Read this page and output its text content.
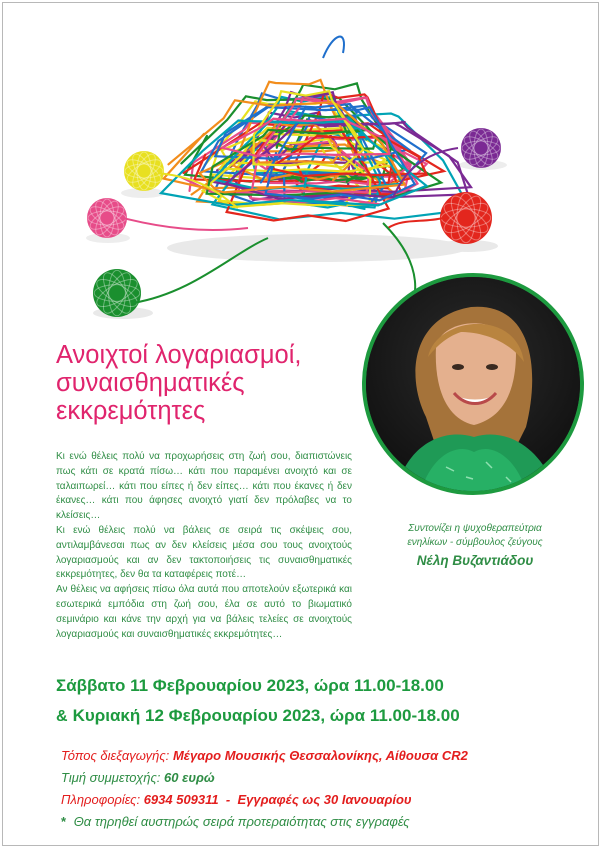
Ανοιχτοί λογαριασμοί,
συναισθηματικές
εκκρεμότητες

Κι ενώ θέλεις πολύ να προχωρήσεις στη ζωή σου, διαπιστώνεις πως κάτι σε κρατά πίσω… κάτι που παραμένει ανοιχτό και σε ταλαιπωρεί… κάτι που είπες ή δεν είπες… κάτι που έκανες ή δεν έκανες… κάτι που άφησες ανοιχτό γιατί δεν πρόλαβες να το κλείσεις…

Κι ενώ θέλεις πολύ να βάλεις σε σειρά τις σκέψεις σου, αντιλαμβάνεσαι πως αν δεν κλείσεις μέσα σου τους ανοιχτούς λογαριασμούς και αν δεν τακτοποιήσεις τις συναισθηματικές εκκρεμότητες, δεν θα τα καταφέρεις ποτέ…

Αν θέλεις να αφήσεις πίσω όλα αυτά που αποτελούν εξωτερικά και εσωτερικά εμπόδια στη ζωή σου, έλα σε αυτό το βιωματικό σεμινάριο και κάνε την αρχή για να βάλεις τελείες σε ανοιχτούς λογαριασμούς και συναισθηματικές εκκρεμότητες…

Συντονίζει η ψυχοθεραπεύτρια
ενηλίκων - σύμβουλος ζεύγους
Νέλη Βυζαντιάδου
Σάββατο 11 Φεβρουαρίου 2023, ώρα 11.00-18.00
& Κυριακή 12 Φεβρουαρίου 2023, ώρα 11.00-18.00
Τόπος διεξαγωγής: Μέγαρο Μουσικής Θεσσαλονίκης, Αίθουσα CR2
Τιμή συμμετοχής: 60 ευρώ
Πληροφορίες: 6934 509311 - Εγγραφές ως 30 Ιανουαρίου
* Θα τηρηθεί αυστηρώς σειρά προτεραιότητας στις εγγραφές
